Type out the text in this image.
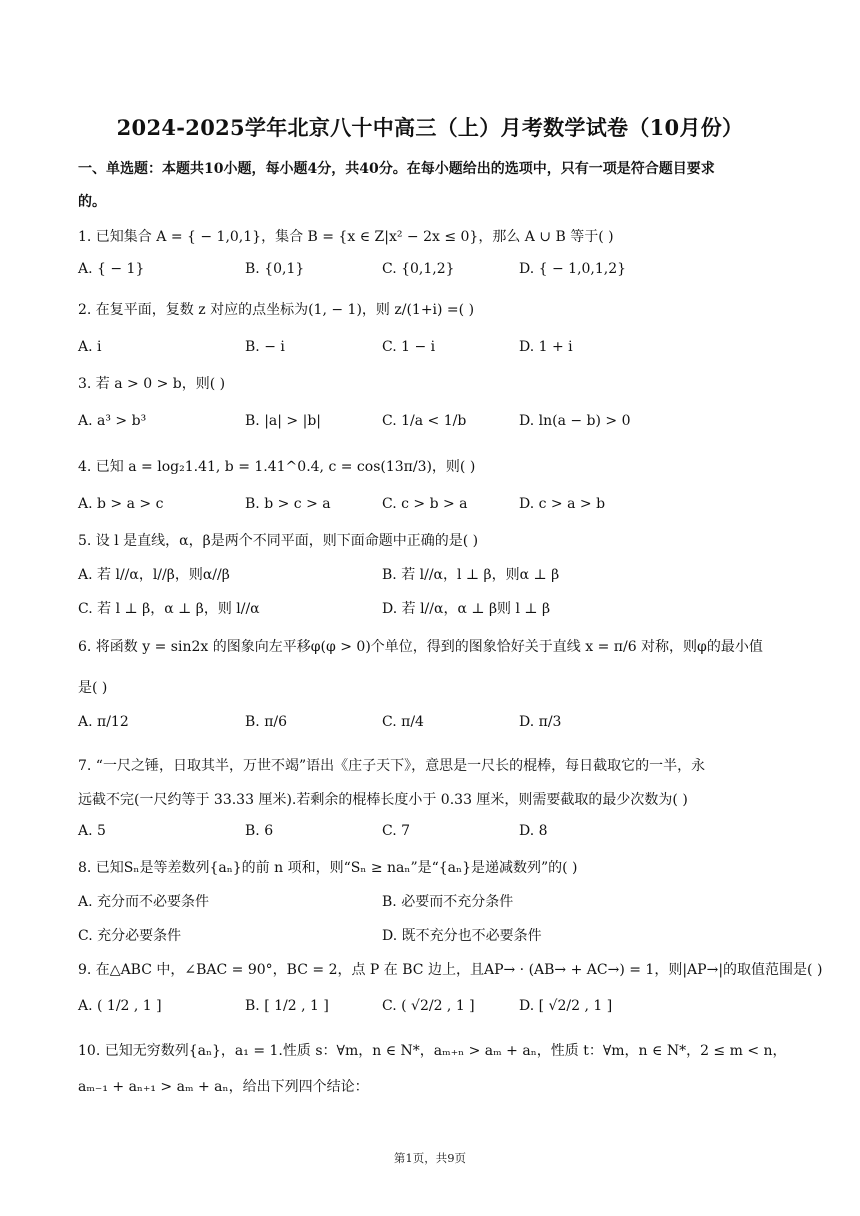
2024-2025学年北京八十中高三（上）月考数学试卷（10月份）
一、单选题：本题共10小题，每小题4分，共40分。在每小题给出的选项中，只有一项是符合题目要求
的。
1. 已知集合 A = { − 1,0,1}，集合 B = {x ∈ Z|x² − 2x ≤ 0}，那么 A ∪ B 等于( )
A. { − 1}	B. {0,1}	C. {0,1,2}	D. { − 1,0,1,2}
2. 在复平面，复数 z 对应的点坐标为(1, − 1)，则 z/(1+i) =( )
A. i	B. − i	C. 1 − i	D. 1 + i
3. 若 a > 0 > b，则( )
A. a³ > b³	B. |a| > |b|	C. 1/a < 1/b	D. ln(a − b) > 0
4. 已知 a = log₂1.41, b = 1.41^0.4, c = cos(13π/3)，则( )
A. b > a > c	B. b > c > a	C. c > b > a	D. c > a > b
5. 设 l 是直线，α，β是两个不同平面，则下面命题中正确的是( )
A. 若 l//α，l//β，则α//β	B. 若 l//α，l ⊥ β，则α ⊥ β
C. 若 l ⊥ β，α ⊥ β，则 l//α	D. 若 l//α，α ⊥ β则 l ⊥ β
6. 将函数 y = sin2x 的图象向左平移φ(φ > 0)个单位，得到的图象恰好关于直线 x = π/6 对称，则φ的最小值
是( )
A. π/12	B. π/6	C. π/4	D. π/3
7. “一尺之锤，日取其半，万世不竭”语出《庄子天下》，意思是一尺长的棍棒，每日截取它的一半，永
远截不完(一尺约等于 33.33 厘米).若剩余的棍棒长度小于 0.33 厘米，则需要截取的最少次数为( )
A. 5	B. 6	C. 7	D. 8
8. 已知Sₙ是等差数列{aₙ}的前 n 项和，则“Sₙ ≥ naₙ”是“{aₙ}是递减数列”的( )
A. 充分而不必要条件	B. 必要而不充分条件
C. 充分必要条件	D. 既不充分也不必要条件
9. 在△ABC 中，∠BAC = 90°，BC = 2，点 P 在 BC 边上，且AP→ · (AB→ + AC→) = 1，则|AP→|的取值范围是( )
A. ( 1/2 , 1 ]	B. [ 1/2 , 1 ]	C. ( √2/2 , 1 ]	D. [ √2/2 , 1 ]
10. 已知无穷数列{aₙ}，a₁ = 1.性质 s：∀m，n ∈ N*，aₘ₊ₙ > aₘ + aₙ，性质 t：∀m，n ∈ N*，2 ≤ m < n，
aₘ₋₁ + aₙ₊₁ > aₘ + aₙ，给出下列四个结论：
第1页，共9页
